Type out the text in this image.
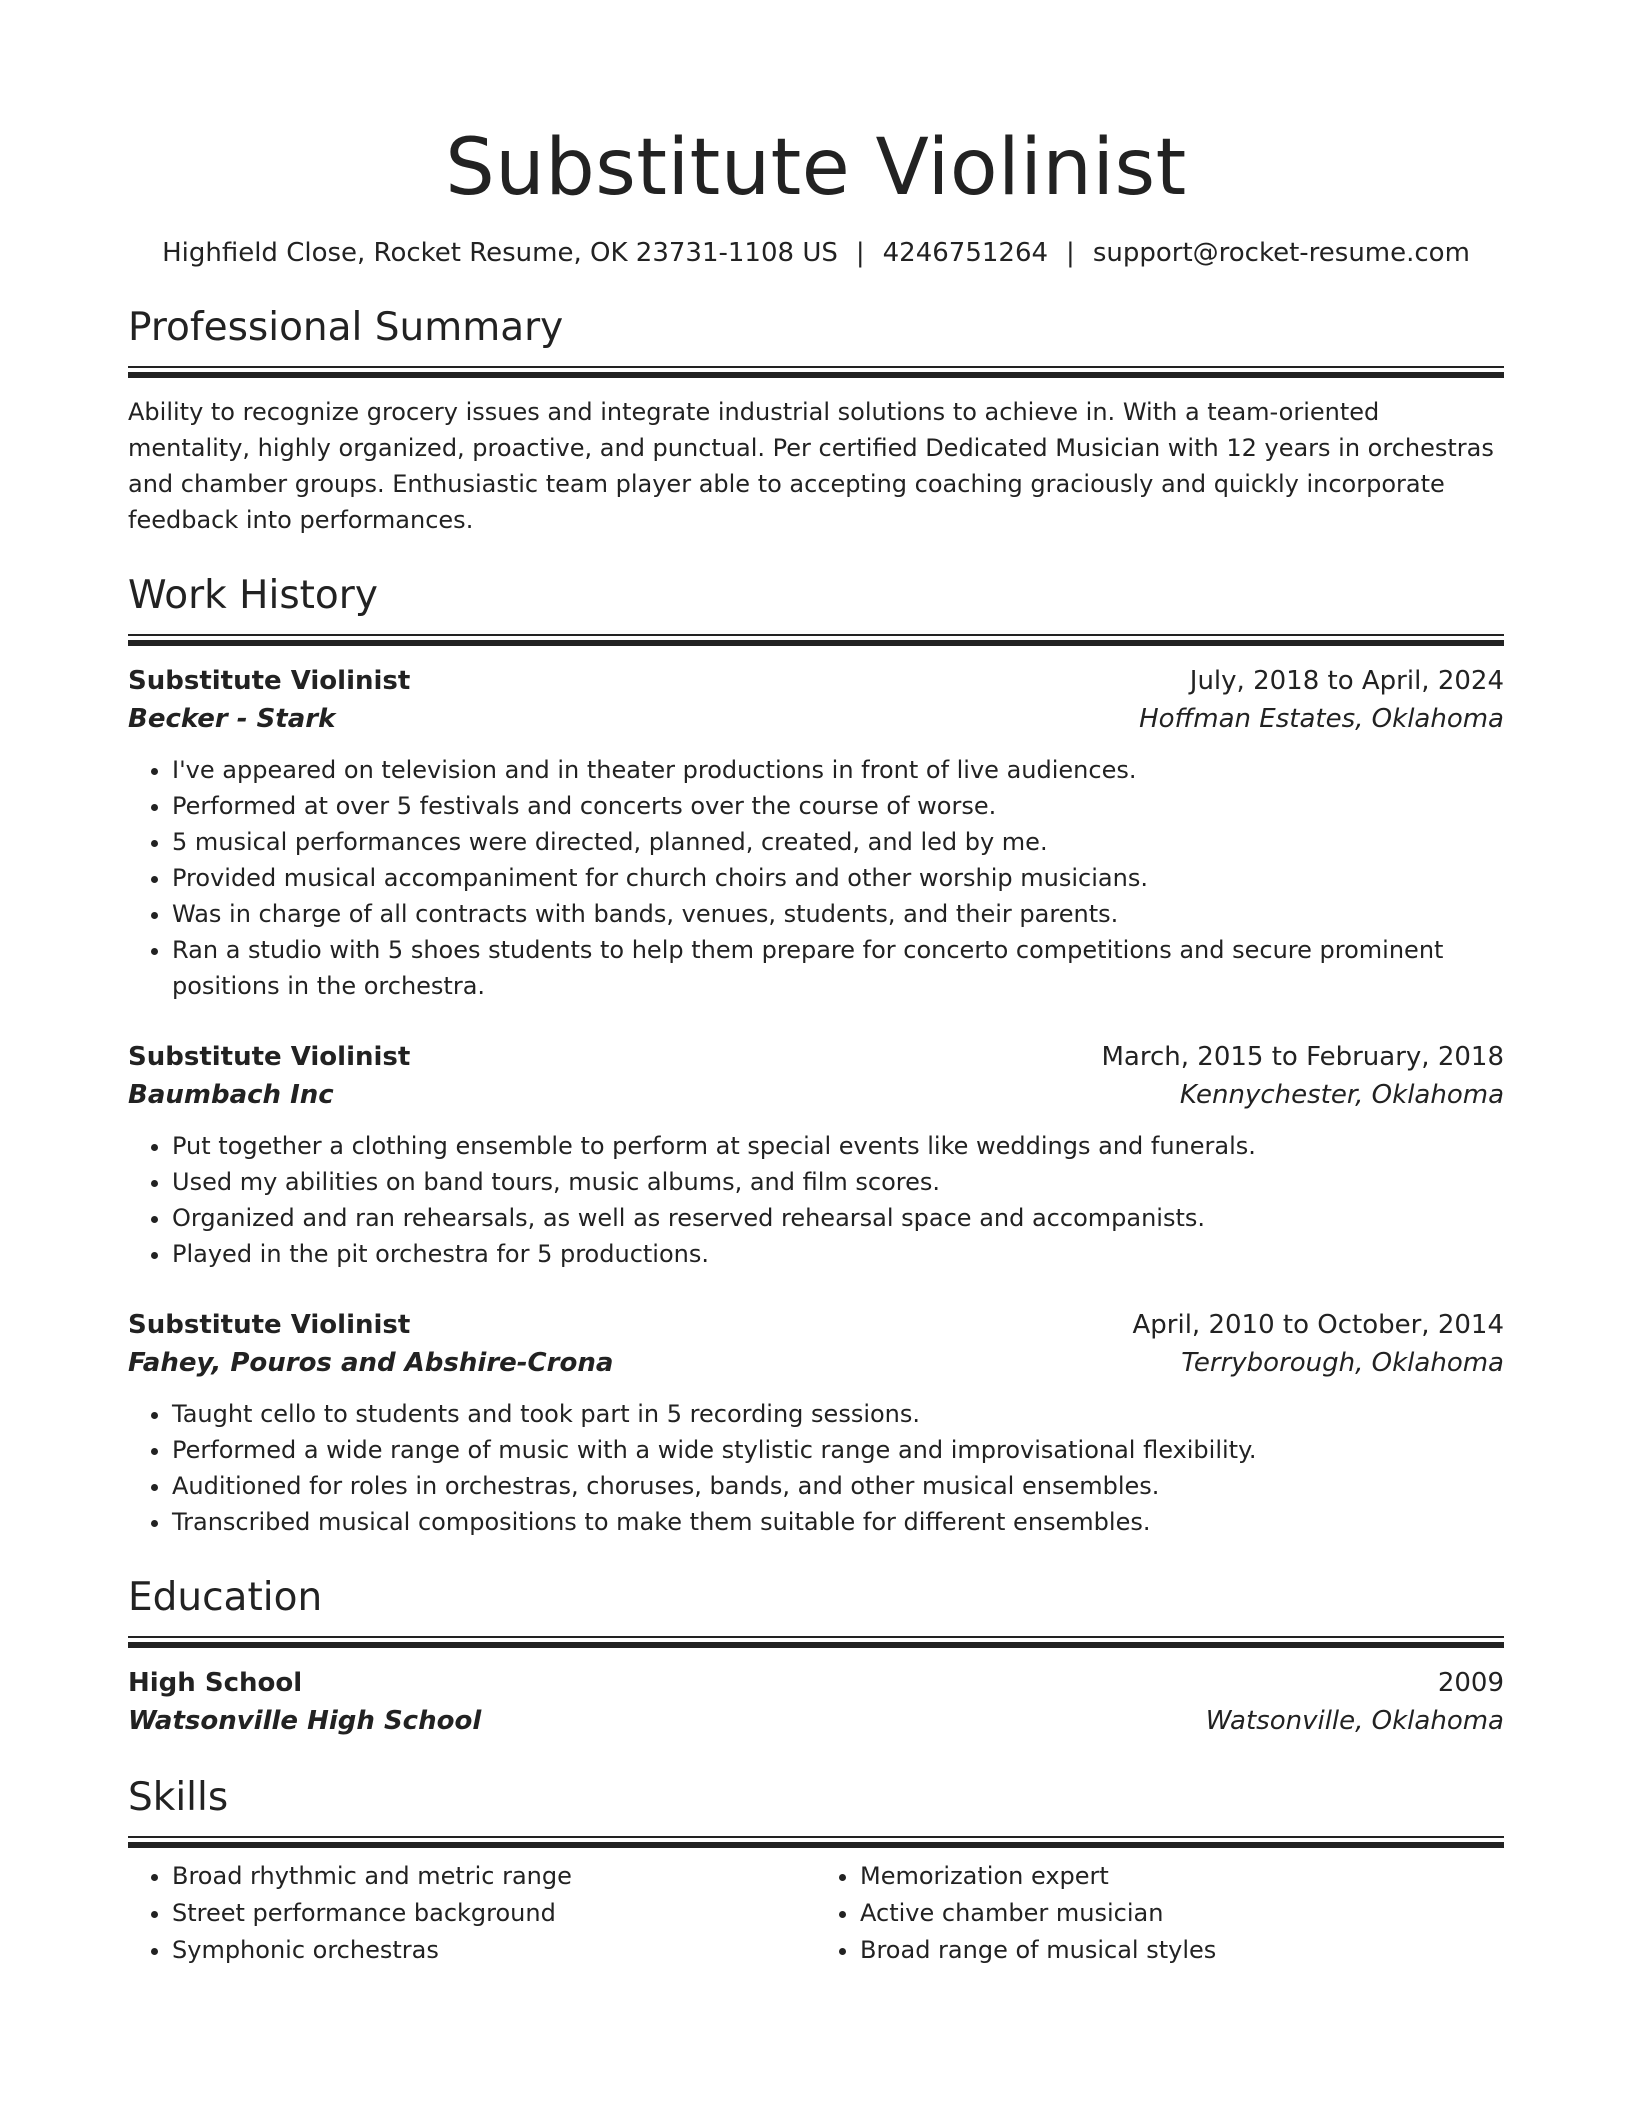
Substitute Violinist
Highfield Close, Rocket Resume, OK 23731-1108 US | 4246751264 | support@rocket-resume.com
Professional Summary
Ability to recognize grocery issues and integrate industrial solutions to achieve in. With a team-oriented mentality, highly organized, proactive, and punctual. Per certified Dedicated Musician with 12 years in orchestras and chamber groups. Enthusiastic team player able to accepting coaching graciously and quickly incorporate feedback into performances.
Work History
Substitute Violinist	July, 2018 to April, 2024
Becker - Stark	Hoffman Estates, Oklahoma
• I've appeared on television and in theater productions in front of live audiences.
• Performed at over 5 festivals and concerts over the course of worse.
• 5 musical performances were directed, planned, created, and led by me.
• Provided musical accompaniment for church choirs and other worship musicians.
• Was in charge of all contracts with bands, venues, students, and their parents.
• Ran a studio with 5 shoes students to help them prepare for concerto competitions and secure prominent positions in the orchestra.
Substitute Violinist	March, 2015 to February, 2018
Baumbach Inc	Kennychester, Oklahoma
• Put together a clothing ensemble to perform at special events like weddings and funerals.
• Used my abilities on band tours, music albums, and film scores.
• Organized and ran rehearsals, as well as reserved rehearsal space and accompanists.
• Played in the pit orchestra for 5 productions.
Substitute Violinist	April, 2010 to October, 2014
Fahey, Pouros and Abshire-Crona	Terryborough, Oklahoma
• Taught cello to students and took part in 5 recording sessions.
• Performed a wide range of music with a wide stylistic range and improvisational flexibility.
• Auditioned for roles in orchestras, choruses, bands, and other musical ensembles.
• Transcribed musical compositions to make them suitable for different ensembles.
Education
High School	2009
Watsonville High School	Watsonville, Oklahoma
Skills
• Broad rhythmic and metric range
• Street performance background
• Symphonic orchestras
• Memorization expert
• Active chamber musician
• Broad range of musical styles
